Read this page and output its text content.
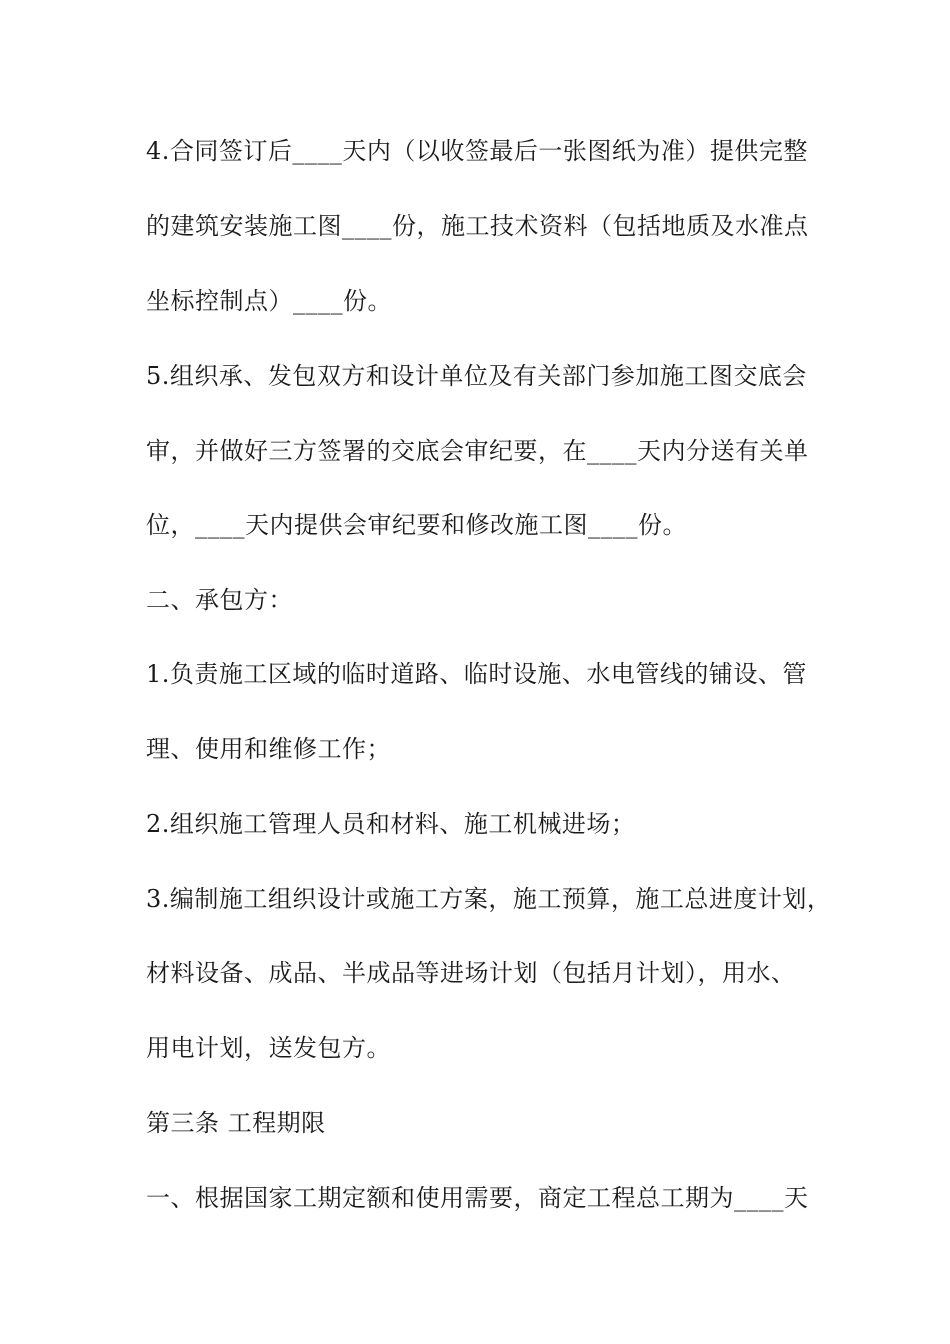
4.合同签订后____天内（以收签最后一张图纸为准）提供完整
的建筑安装施工图____份，施工技术资料（包括地质及水准点
坐标控制点）____份。
5.组织承、发包双方和设计单位及有关部门参加施工图交底会
审，并做好三方签署的交底会审纪要，在____天内分送有关单
位，____天内提供会审纪要和修改施工图____份。
二、承包方：
1.负责施工区域的临时道路、临时设施、水电管线的铺设、管
理、使用和维修工作；
2.组织施工管理人员和材料、施工机械进场；
3.编制施工组织设计或施工方案，施工预算，施工总进度计划，
材料设备、成品、半成品等进场计划（包括月计划），用水、
用电计划，送发包方。
第三条 工程期限
一、根据国家工期定额和使用需要，商定工程总工期为____天
